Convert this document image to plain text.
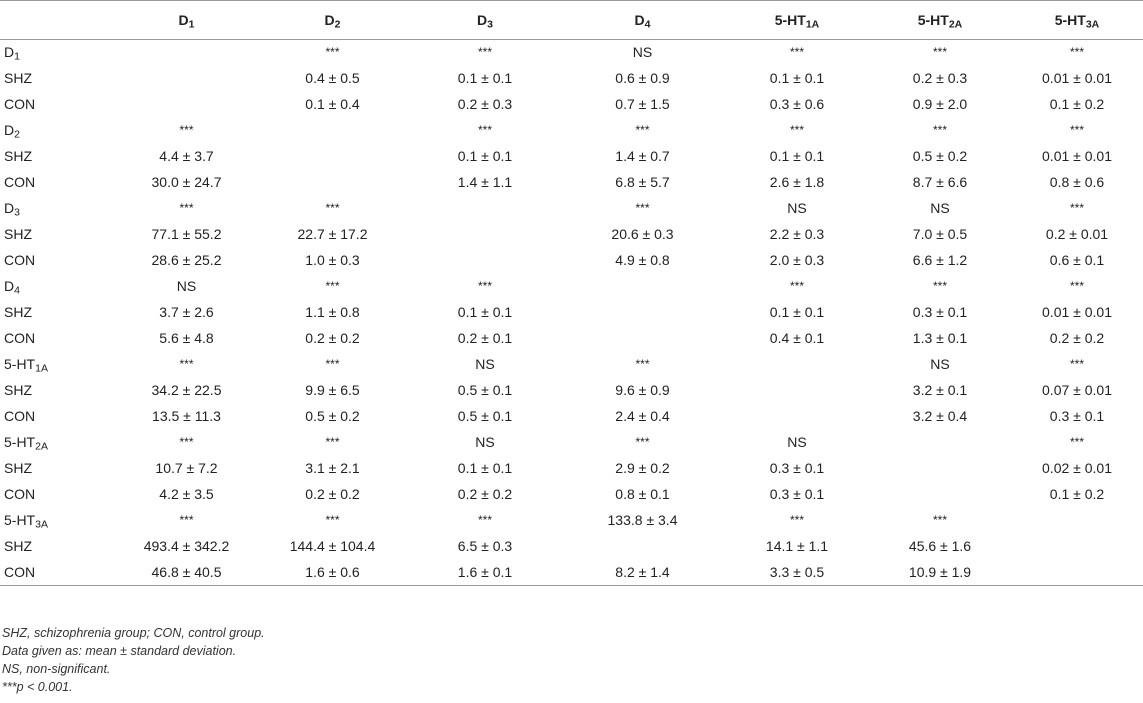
	$D_1$	$D_2$	$D_3$	$D_4$	$5-HT_{1A}$	$5-HT_{2A}$	$5-HT_{3A}$
$D_1$		***	***	NS	***	***	***
SHZ		0.4 ± 0.5	0.1 ± 0.1	0.6 ± 0.9	0.1 ± 0.1	0.2 ± 0.3	0.01 ± 0.01
CON		0.1 ± 0.4	0.2 ± 0.3	0.7 ± 1.5	0.3 ± 0.6	0.9 ± 2.0	0.1 ± 0.2
$D_2$	***		***	***	***	***	***
SHZ	4.4 ± 3.7		0.1 ± 0.1	1.4 ± 0.7	0.1 ± 0.1	0.5 ± 0.2	0.01 ± 0.01
CON	30.0 ± 24.7		1.4 ± 1.1	6.8 ± 5.7	2.6 ± 1.8	8.7 ± 6.6	0.8 ± 0.6
$D_3$	***	***		***	NS	NS	***
SHZ	77.1 ± 55.2	22.7 ± 17.2		20.6 ± 0.3	2.2 ± 0.3	7.0 ± 0.5	0.2 ± 0.01
CON	28.6 ± 25.2	1.0 ± 0.3		4.9 ± 0.8	2.0 ± 0.3	6.6 ± 1.2	0.6 ± 0.1
$D_4$	NS	***	***		***	***	***
SHZ	3.7 ± 2.6	1.1 ± 0.8	0.1 ± 0.1		0.1 ± 0.1	0.3 ± 0.1	0.01 ± 0.01
CON	5.6 ± 4.8	0.2 ± 0.2	0.2 ± 0.1		0.4 ± 0.1	1.3 ± 0.1	0.2 ± 0.2
$5-HT_{1A}$	***	***	NS	***		NS	***
SHZ	34.2 ± 22.5	9.9 ± 6.5	0.5 ± 0.1	9.6 ± 0.9		3.2 ± 0.1	0.07 ± 0.01
CON	13.5 ± 11.3	0.5 ± 0.2	0.5 ± 0.1	2.4 ± 0.4		3.2 ± 0.4	0.3 ± 0.1
$5-HT_{2A}$	***	***	NS	***	NS		***
SHZ	10.7 ± 7.2	3.1 ± 2.1	0.1 ± 0.1	2.9 ± 0.2	0.3 ± 0.1		0.02 ± 0.01
CON	4.2 ± 3.5	0.2 ± 0.2	0.2 ± 0.2	0.8 ± 0.1	0.3 ± 0.1		0.1 ± 0.2
$5-HT_{3A}$	***	***	***	133.8 ± 3.4	***	***	
SHZ	493.4 ± 342.2	144.4 ± 104.4	6.5 ± 0.3		14.1 ± 1.1	45.6 ± 1.6	
CON	46.8 ± 40.5	1.6 ± 0.6	1.6 ± 0.1	8.2 ± 1.4	3.3 ± 0.5	10.9 ± 1.9	
SHZ, schizophrenia group; CON, control group.
Data given as: mean ± standard deviation.
NS, non-significant.
***p < 0.001.
